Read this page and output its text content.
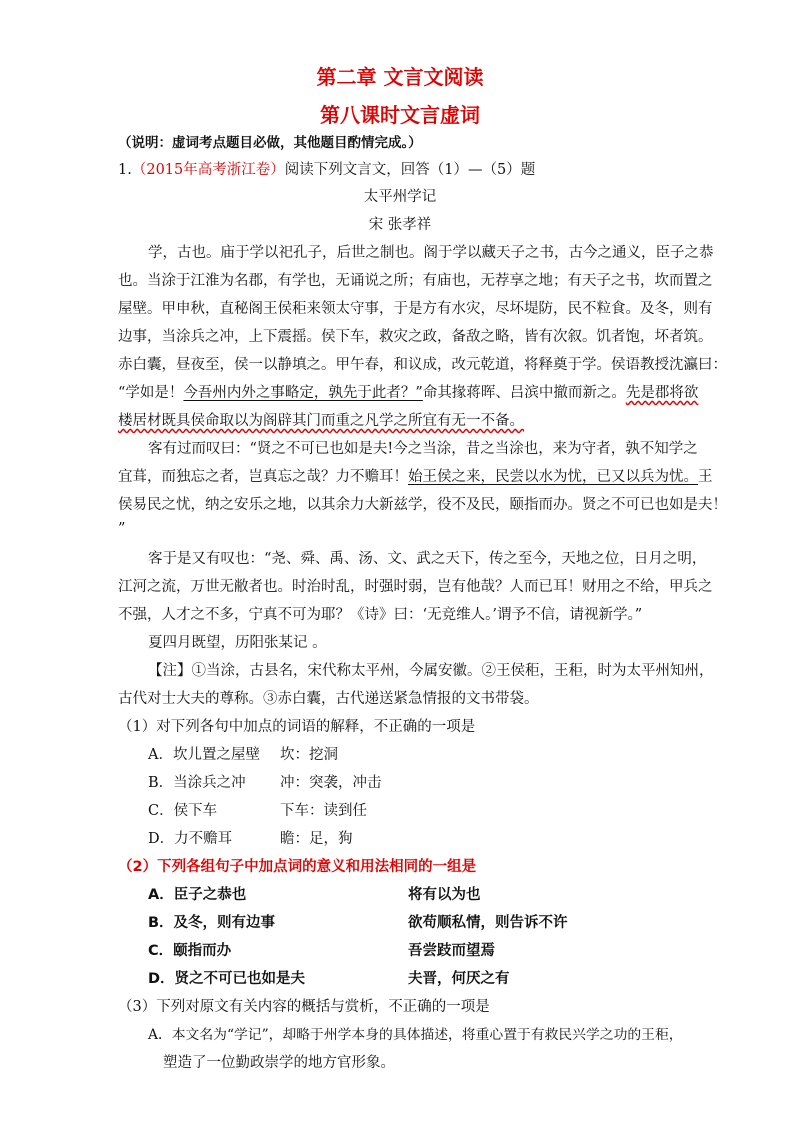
第二章 文言文阅读
第八课时文言虚词
（说明：虚词考点题目必做，其他题目酌情完成。）
1.（2015年高考浙江卷）阅读下列文言文，回答（1）—（5）题
太平州学记
宋 张孝祥
学，古也。庙于学以祀孔子，后世之制也。阁于学以藏天子之书，古今之通义，臣子之恭
也。当涂于江淮为名郡，有学也，无诵说之所；有庙也，无荐享之地；有天子之书，坎而置之
屋壁。甲申秋，直秘阁王侯秬来领太守事，于是方有水灾，尽坏堤防，民不粒食。及冬，则有
边事，当涂兵之冲，上下震摇。侯下车，救灾之政，备敌之略，皆有次叙。饥者饱，坏者筑。
赤白囊，昼夜至，侯一以静填之。甲午春，和议成，改元乾道，将释奠于学。侯语教授沈瀛曰：
“学如是！今吾州内外之事略定，孰先于此者？”命其掾蒋晖、吕滨中撤而新之。先是郡将欲
楼居材既具侯命取以为阁辟其门而重之凡学之所宜有无一不备。
客有过而叹曰：“贤之不可已也如是夫!今之当涂，昔之当涂也，来为守者，孰不知学之
宜葺，而独忘之者，岂真忘之哉？力不赡耳！始王侯之来，民尝以水为忧，已又以兵为忧。王
侯易民之忧，纳之安乐之地，以其余力大新兹学，役不及民，颐指而办。贤之不可已也如是夫！
”
客于是又有叹也：“尧、舜、禹、汤、文、武之天下，传之至今，天地之位，日月之明，
江河之流，万世无敝者也。时治时乱，时强时弱，岂有他哉？人而已耳！财用之不给，甲兵之
不强，人才之不多，宁真不可为耶？《诗》曰：‘无竞维人。’谓予不信，请视新学。”
夏四月既望，历阳张某记 。
【注】①当涂，古县名，宋代称太平州，今属安徽。②王侯秬，王秬，时为太平州知州，
古代对士大夫的尊称。③赤白囊，古代递送紧急情报的文书带袋。
（1）对下列各句中加点的词语的解释，不正确的一项是
A．坎儿置之屋壁 坎：挖洞
B．当涂兵之冲 冲：突袭，冲击
C．侯下车	下车：读到任
D．力不赡耳	瞻：足，狗
（2）下列各组句子中加点词的意义和用法相同的一组是
A．臣子之恭也	将有以为也
B．及冬，则有边事	欲苟顺私情，则告诉不许
C．颐指而办	吾尝跂而望焉
D．贤之不可已也如是夫	夫晋，何厌之有
（3）下列对原文有关内容的概括与赏析，不正确的一项是
A．本文名为“学记”，却略于州学本身的具体描述，将重心置于有救民兴学之功的王秬，
塑造了一位勤政崇学的地方官形象。
